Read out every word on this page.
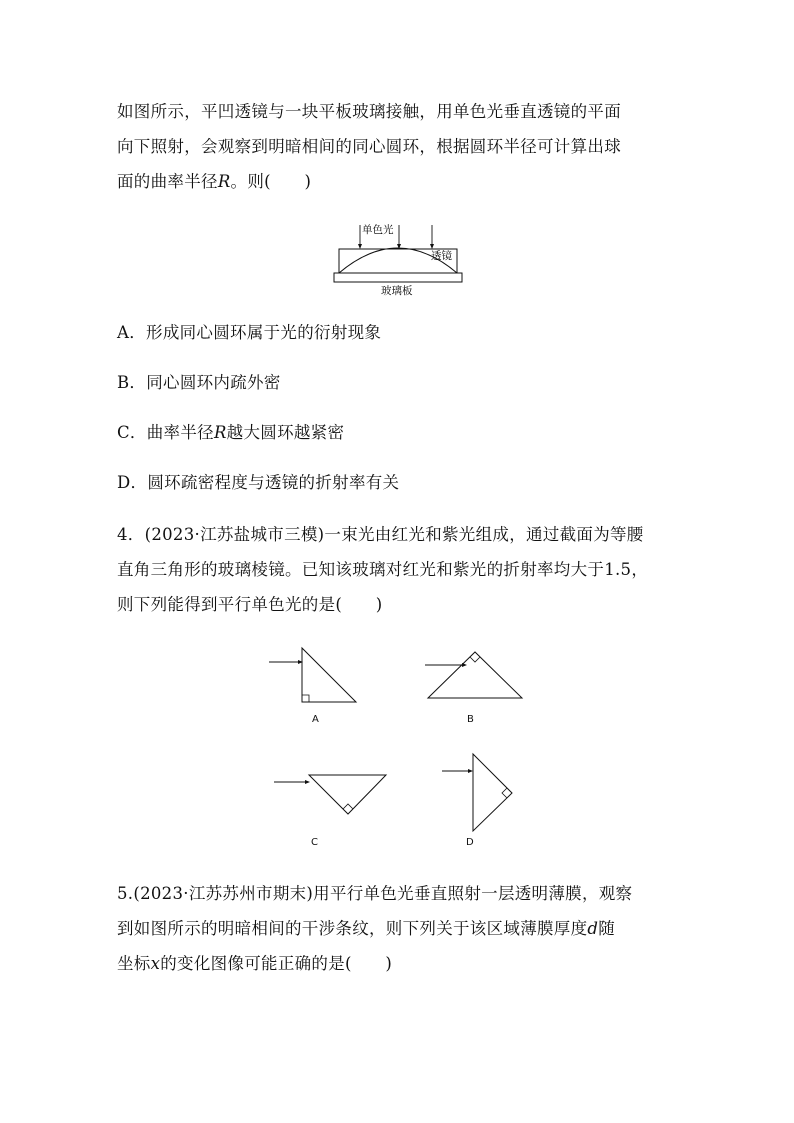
如图所示，平凹透镜与一块平板玻璃接触，用单色光垂直透镜的平面
向下照射，会观察到明暗相间的同心圆环，根据圆环半径可计算出球
面的曲率半径R。则(　　)
单色光
透镜
玻璃板
A．形成同心圆环属于光的衍射现象
B．同心圆环内疏外密
C．曲率半径R越大圆环越紧密
D．圆环疏密程度与透镜的折射率有关
4．(2023·江苏盐城市三模)一束光由红光和紫光组成，通过截面为等腰
直角三角形的玻璃棱镜。已知该玻璃对红光和紫光的折射率均大于1.5，
则下列能得到平行单色光的是(　　)
A	B
C	D
5.(2023·江苏苏州市期末)用平行单色光垂直照射一层透明薄膜，观察
到如图所示的明暗相间的干涉条纹，则下列关于该区域薄膜厚度d随
坐标x的变化图像可能正确的是(　　)
